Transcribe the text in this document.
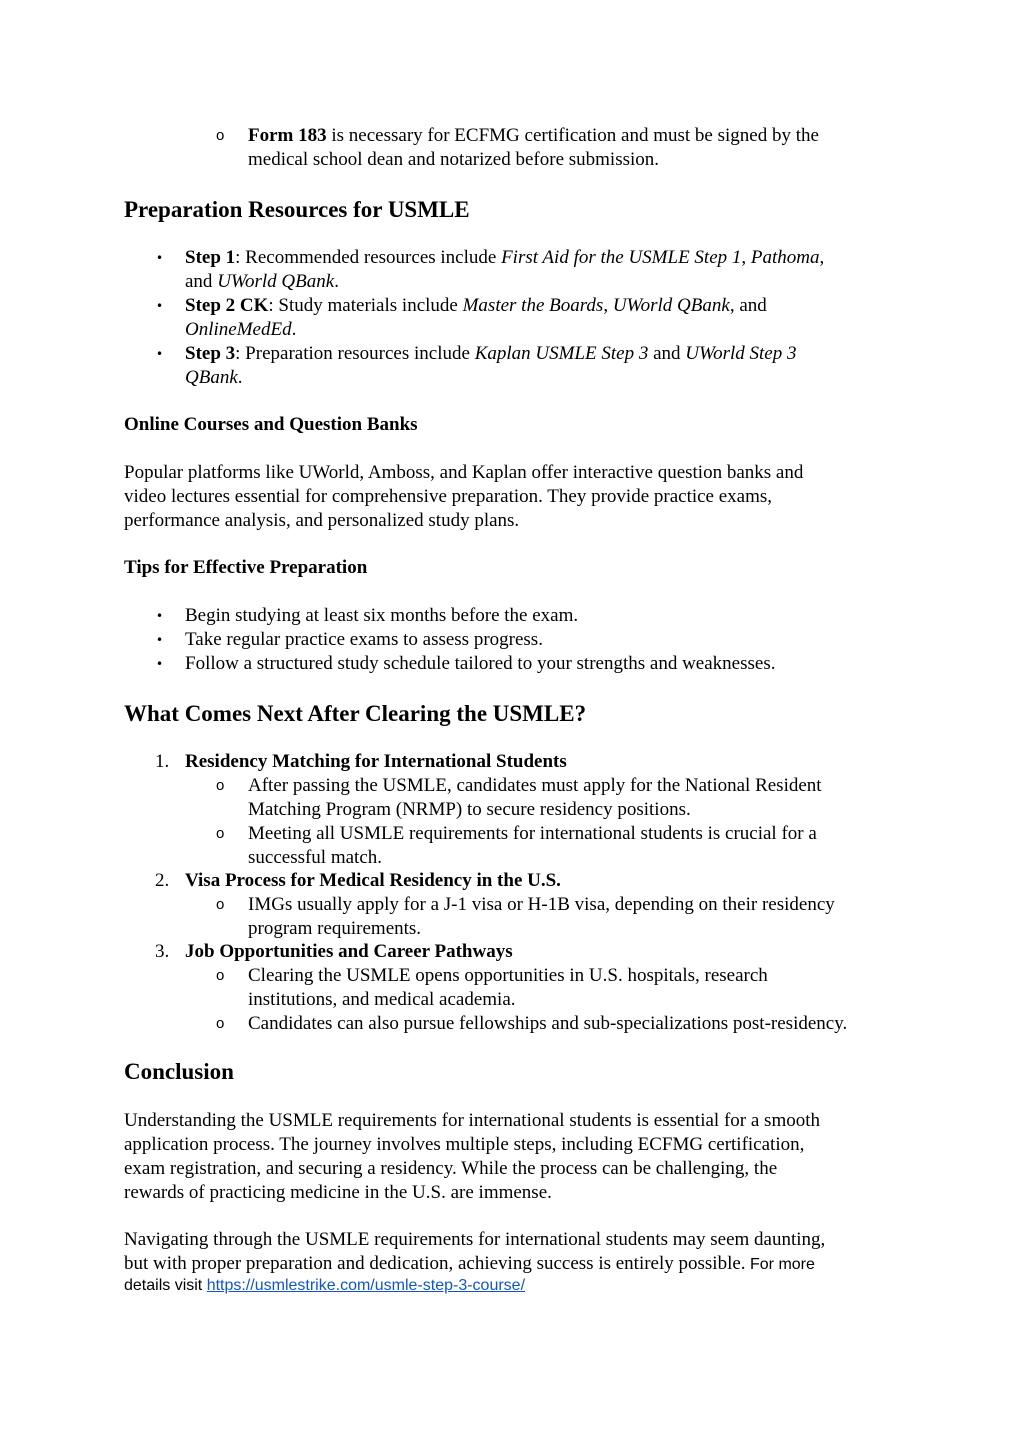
o Form 183 is necessary for ECFMG certification and must be signed by the
medical school dean and notarized before submission.
Preparation Resources for USMLE
• Step 1: Recommended resources include First Aid for the USMLE Step 1, Pathoma,
and UWorld QBank.
• Step 2 CK: Study materials include Master the Boards, UWorld QBank, and
OnlineMedEd.
• Step 3: Preparation resources include Kaplan USMLE Step 3 and UWorld Step 3
QBank.
Online Courses and Question Banks
Popular platforms like UWorld, Amboss, and Kaplan offer interactive question banks and
video lectures essential for comprehensive preparation. They provide practice exams,
performance analysis, and personalized study plans.
Tips for Effective Preparation
• Begin studying at least six months before the exam.
• Take regular practice exams to assess progress.
• Follow a structured study schedule tailored to your strengths and weaknesses.
What Comes Next After Clearing the USMLE?
1. Residency Matching for International Students
o After passing the USMLE, candidates must apply for the National Resident
Matching Program (NRMP) to secure residency positions.
o Meeting all USMLE requirements for international students is crucial for a
successful match.
2. Visa Process for Medical Residency in the U.S.
o IMGs usually apply for a J-1 visa or H-1B visa, depending on their residency
program requirements.
3. Job Opportunities and Career Pathways
o Clearing the USMLE opens opportunities in U.S. hospitals, research
institutions, and medical academia.
o Candidates can also pursue fellowships and sub-specializations post-residency.
Conclusion
Understanding the USMLE requirements for international students is essential for a smooth
application process. The journey involves multiple steps, including ECFMG certification,
exam registration, and securing a residency. While the process can be challenging, the
rewards of practicing medicine in the U.S. are immense.
Navigating through the USMLE requirements for international students may seem daunting,
but with proper preparation and dedication, achieving success is entirely possible. For more
details visit https://usmlestrike.com/usmle-step-3-course/
